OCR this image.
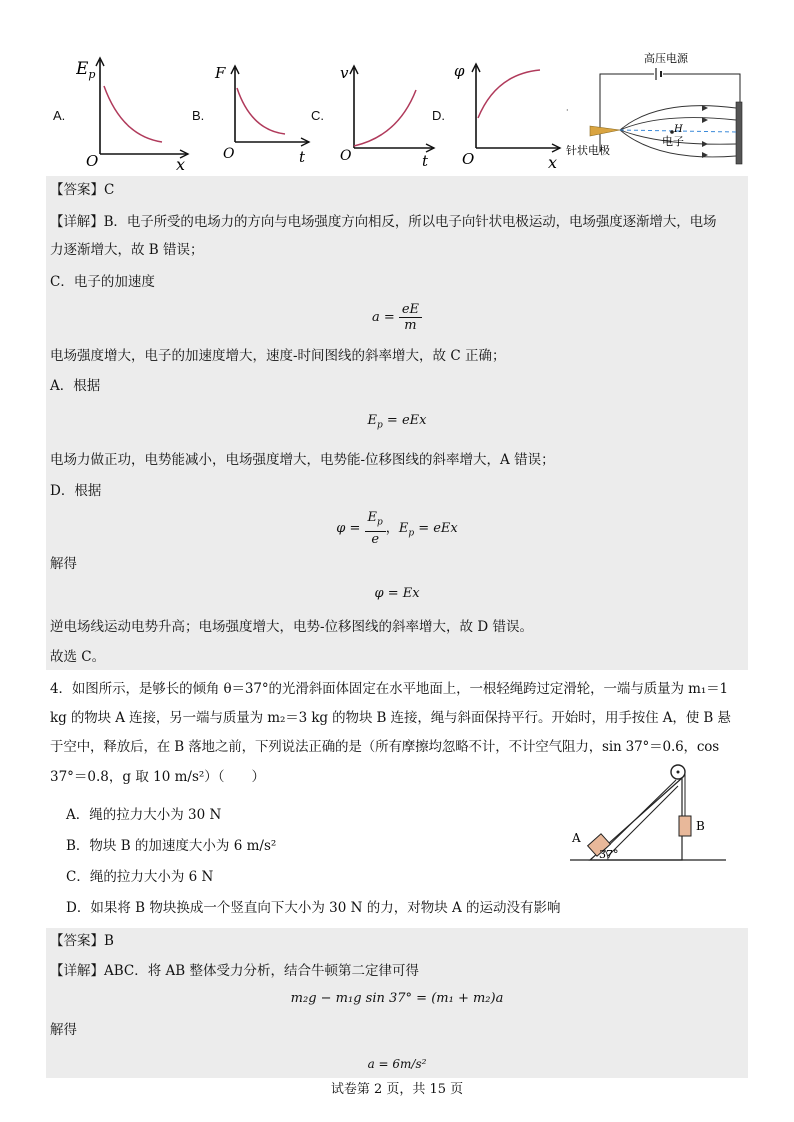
A.
$E_p$
O	x
B.
F
O	t
C.
v
O	t
D.
φ
O	x
高压电源
H
电子
针状电极
·
【答案】C
【详解】B．电子所受的电场力的方向与电场强度方向相反，所以电子向针状电极运动，电场强度逐渐增大，电场
力逐渐增大，故 B 错误；
C．电子的加速度
$a = \frac{eE}{m}$
电场强度增大，电子的加速度增大，速度-时间图线的斜率增大，故 C 正确；
A．根据
$E_p$ = eEx
电场力做正功，电势能减小，电场强度增大，电势能-位移图线的斜率增大，A 错误；
D．根据
$\varphi = \frac{E_p}{e}$ ，$E_p$ = eEx
解得
φ = Ex
逆电场线运动电势升高；电场强度增大，电势-位移图线的斜率增大，故 D 错误。
故选 C。
4．如图所示，是够长的倾角 θ＝37°的光滑斜面体固定在水平地面上，一根轻绳跨过定滑轮，一端与质量为 m₁＝1
kg 的物块 A 连接，另一端与质量为 m₂＝3 kg 的物块 B 连接，绳与斜面保持平行。开始时，用手按住 A，使 B 悬
于空中，释放后，在 B 落地之前，下列说法正确的是（所有摩擦均忽略不计，不计空气阻力，sin 37°＝0.6，cos
37°＝0.8，g 取 10 m/s²）（　　）
A．绳的拉力大小为 30 N
B．物块 B 的加速度大小为 6 m/s²
C．绳的拉力大小为 6 N
D．如果将 B 物块换成一个竖直向下大小为 30 N 的力，对物块 A 的运动没有影响
A
B
37°
【答案】B
【详解】ABC．将 AB 整体受力分析，结合牛顿第二定律可得
m₂g − m₁g sin 37° = (m₁ + m₂)a
解得
a = 6m/s²
试卷第 2 页，共 15 页
